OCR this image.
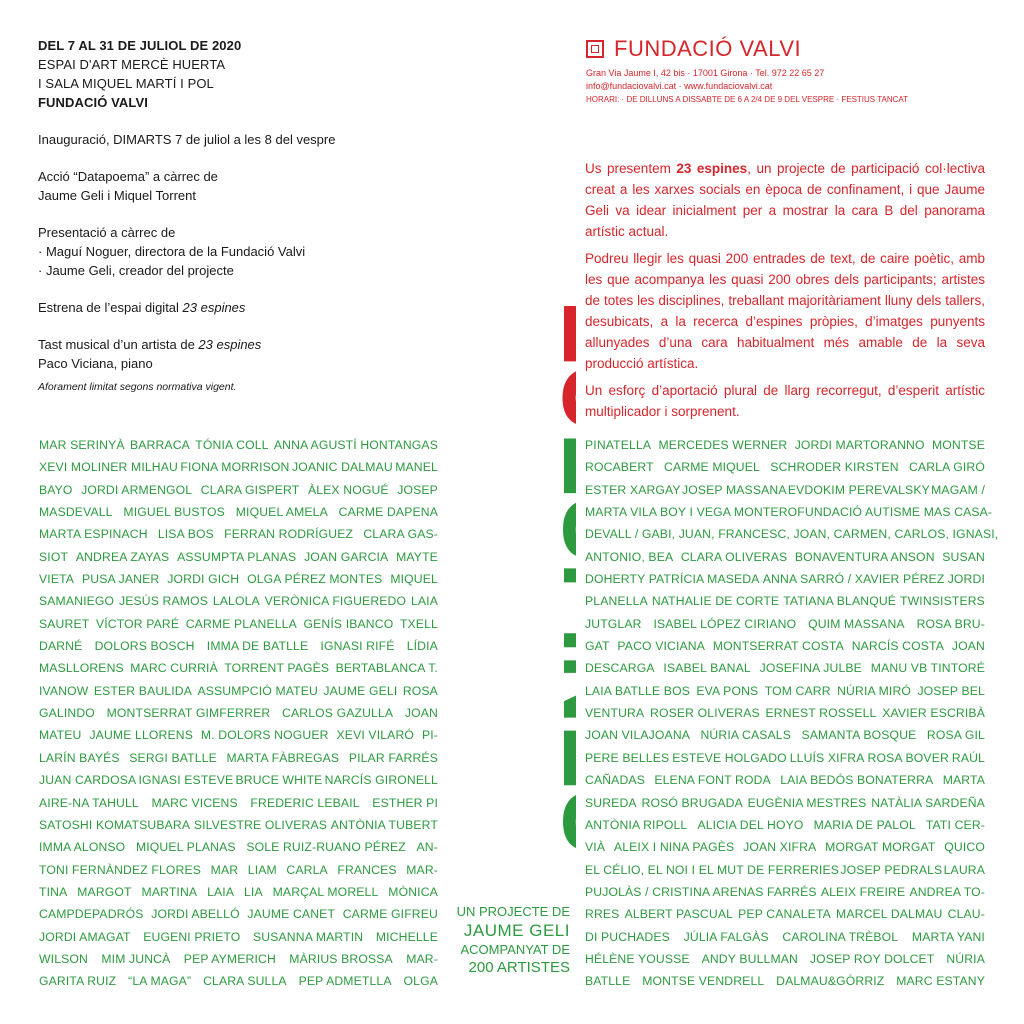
DEL 7 AL 31 DE JULIOL DE 2020
ESPAI D'ART MERCÈ HUERTA
I SALA MIQUEL MARTÍ I POL
FUNDACIÓ VALVI
Inauguració, DIMARTS 7 de juliol a les 8 del vespre
Acció “Datapoema” a càrrec de
Jaume Geli i Miquel Torrent
Presentació a càrrec de
· Maguí Noguer, directora de la Fundació Valvi
· Jaume Geli, creador del projecte
Estrena de l’espai digital 23 espines
Tast musical d’un artista de 23 espines
Paco Viciana, piano
Aforament limitat segons normativa vigent.
FUNDACIÓ VALVI
Gran Via Jaume I, 42 bis · 17001 Girona · Tel. 972 22 65 27
info@fundaciovalvi.cat · www.fundaciovalvi.cat
HORARI: · DE DILLUNS A DISSABTE DE 6 A 2/4 DE 9 DEL VESPRE · FESTIUS TANCAT

Us presentem 23 espines, un projecte de participació col·lectiva creat a les xarxes socials en època de confinament, i que Jaume Geli va idear inicialment per a mostrar la cara B del panorama artístic actual.

Podreu llegir les quasi 200 entrades de text, de caire poètic, amb les que acompanya les quasi 200 obres dels participants; artistes de totes les disciplines, treballant majoritàriament lluny dels tallers, desubicats, a la recerca d’espines pròpies, d’imatges punyents allunyades d’una cara habitualment més amable de la seva producció artística.

Un esforç d’aportació plural de llarg recorregut, d’esperit artístic multiplicador i sorprenent.

23
ESPINES
UN PROJECTE DE
JAUME GELI
ACOMPANYAT DE
200 ARTISTES
MAR SERINYÀ BARRACA TÓNIA COLL ANNA AGUSTÍ HONTANGAS
XEVI MOLINER MILHAU FIONA MORRISON JOANIC DALMAU MANEL
BAYO JORDI ARMENGOL CLARA GISPERT ÀLEX NOGUÉ JOSEP
MASDEVALL MIGUEL BUSTOS MIQUEL AMELA CARME DAPENA
MARTA ESPINACH LISA BOS FERRAN RODRÍGUEZ CLARA GAS-
SIOT ANDREA ZAYAS ASSUMPTA PLANAS JOAN GARCIA MAYTE
VIETA PUSA JANER JORDI GICH OLGA PÉREZ MONTES MIQUEL
SAMANIEGO JESÚS RAMOS LALOLA VERÒNICA FIGUEREDO LAIA
SAURET VÍCTOR PARÉ CARME PLANELLA GENÍS IBANCO TXELL
DARNÉ DOLORS BOSCH IMMA DE BATLLE IGNASI RIFÉ LÍDIA
MASLLORENS MARC CURRIÀ TORRENT PAGÈS BERTABLANCA T.
IVANOW ESTER BAULIDA ASSUMPCIÓ MATEU JAUME GELI ROSA
GALINDO MONTSERRAT GIMFERRER CARLOS GAZULLA JOAN
MATEU JAUME LLORENS M. DOLORS NOGUER XEVI VILARÓ PI-
LARÍN BAYÉS SERGI BATLLE MARTA FÀBREGAS PILAR FARRÉS
JUAN CARDOSA IGNASI ESTEVE BRUCE WHITE NARCÍS GIRONELL
AIRE-NA TAHULL MARC VICENS FREDERIC LEBAIL ESTHER PI
SATOSHI KOMATSUBARA SILVESTRE OLIVERAS ANTÒNIA TUBERT
IMMA ALONSO MIQUEL PLANAS SOLE RUIZ-RUANO PÉREZ AN-
TONI FERNÀNDEZ FLORES MAR LIAM CARLA FRANCES MAR-
TINA MARGOT MARTINA LAIA LIA MARÇAL MORELL MÒNICA
CAMPDEPADRÓS JORDI ABELLÓ JAUME CANET CARME GIFREU
JORDI AMAGAT EUGENI PRIETO SUSANNA MARTIN MICHELLE
WILSON MIM JUNCÀ PEP AYMERICH MÀRIUS BROSSA MAR-
GARITA RUIZ “LA MAGA” CLARA SULLA PEP ADMETLLA OLGA
PINATELLA MERCEDES WERNER JORDI MARTORANNO MONTSE
ROCABERT CARME MIQUEL SCHRODER KIRSTEN CARLA GIRÓ
ESTER XARGAY JOSEP MASSANA EVDOKIM PEREVALSKY MAGAM /
MARTA VILA BOY I VEGA MONTERO FUNDACIÓ AUTISME MAS CASA-
DEVALL / GABI, JUAN, FRANCESC, JOAN, CARMEN, CARLOS, IGNASI,
ANTONIO, BEA CLARA OLIVERAS BONAVENTURA ANSON SUSAN
DOHERTY PATRÍCIA MASEDA ANNA SARRÓ / XAVIER PÉREZ JORDI
PLANELLA NATHALIE DE CORTE TATIANA BLANQUÉ TWINSISTERS
JUTGLAR ISABEL LÓPEZ CIRIANO QUIM MASSANA ROSA BRU-
GAT PACO VICIANA MONTSERRAT COSTA NARCÍS COSTA JOAN
DESCARGA ISABEL BANAL JOSEFINA JULBE MANU VB TINTORÉ
LAIA BATLLE BOS EVA PONS TOM CARR NÚRIA MIRÓ JOSEP BEL
VENTURA ROSER OLIVERAS ERNEST ROSSELL XAVIER ESCRIBÀ
JOAN VILAJOANA NÚRIA CASALS SAMANTA BOSQUE ROSA GIL
PERE BELLES ESTEVE HOLGADO LLUÍS XIFRA ROSA BOVER RAÚL
CAÑADAS ELENA FONT RODA LAIA BEDÓS BONATERRA MARTA
SUREDA ROSÓ BRUGADA EUGÈNIA MESTRES NATÀLIA SARDEÑA
ANTÒNIA RIPOLL ALICIA DEL HOYO MARIA DE PALOL TATI CER-
VIÀ ALEIX I NINA PAGÈS JOAN XIFRA MORGAT MORGAT QUICO
EL CÉLIO, EL NOI I EL MUT DE FERRERIES JOSEP PEDRALS LAURA
PUJOLÀS / CRISTINA ARENAS FARRÉS ALEIX FREIRE ANDREA TO-
RRES ALBERT PASCUAL PEP CANALETA MARCEL DALMAU CLAU-
DI PUCHADES JÚLIA FALGÀS CAROLINA TRÈBOL MARTA YANI
HÉLÈNE YOUSSE ANDY BULLMAN JOSEP ROY DOLCET NÚRIA
BATLLE MONTSE VENDRELL DALMAU&GÒRRIZ MARC ESTANY
